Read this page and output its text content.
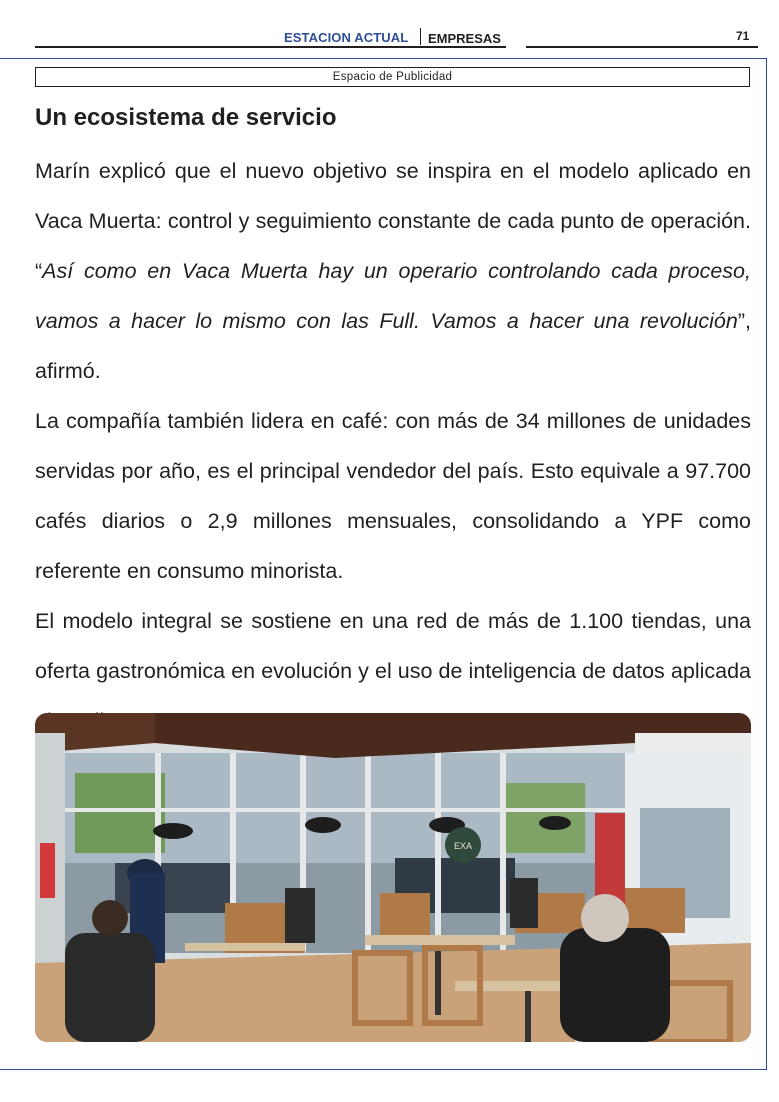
ESTACION ACTUAL EMPRESAS	71
Espacio de Publicidad
Un ecosistema de servicio

Marín explicó que el nuevo objetivo se inspira en el modelo aplicado en Vaca Muerta: control y seguimiento constante de cada punto de operación. “Así como en Vaca Muerta hay un operario controlando cada proceso, vamos a hacer lo mismo con las Full. Vamos a hacer una revolución”, afirmó.

La compañía también lidera en café: con más de 34 millones de unidades servidas por año, es el principal vendedor del país. Esto equivale a 97.700 cafés diarios o 2,9 millones mensuales, consolidando a YPF como referente en consumo minorista.

El modelo integral se sostiene en una red de más de 1.100 tiendas, una oferta gastronómica en evolución y el uso de inteligencia de datos aplicada

EXA
